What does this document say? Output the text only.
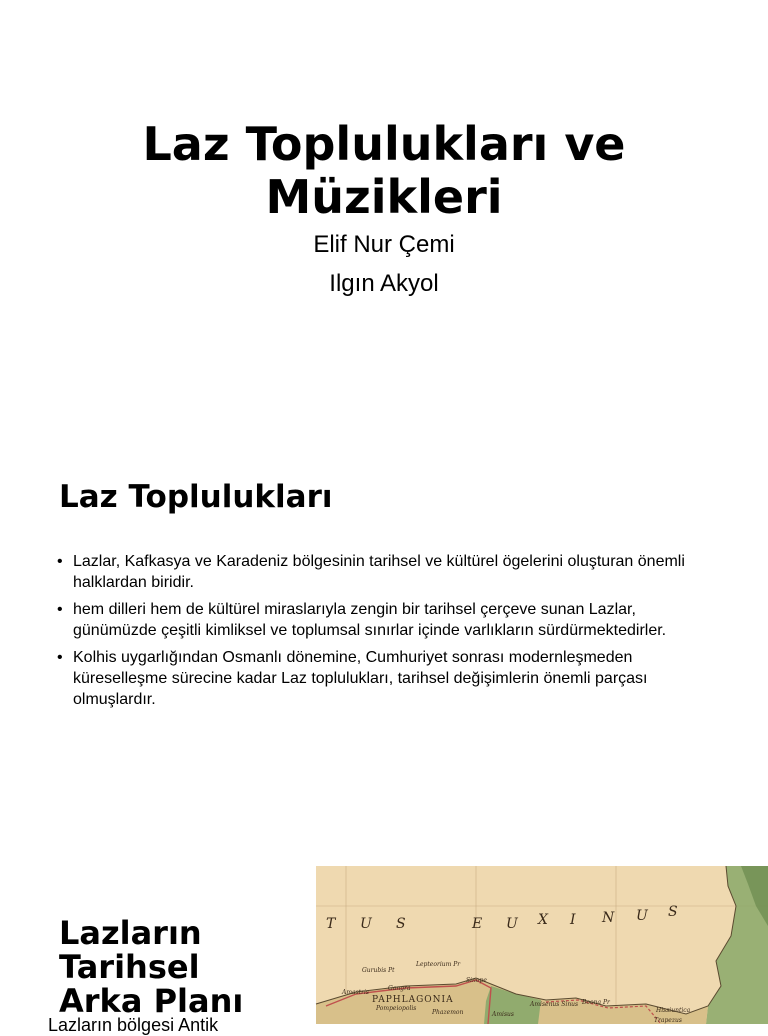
Laz Toplulukları ve Müzikleri
Elif Nur Çemi
Ilgın Akyol
Laz Toplulukları
• Lazlar, Kafkasya ve Karadeniz bölgesinin tarihsel ve kültürel ögelerini oluşturan önemli halklardan biridir.
• hem dilleri hem de kültürel miraslarıyla zengin bir tarihsel çerçeve sunan Lazlar, günümüzde çeşitli kimliksel ve toplumsal sınırlar içinde varlıkların sürdürmektedirler.
• Kolhis uygarlığından Osmanlı dönemine, Cumhuriyet sonrası modernleşmeden küreselleşme sürecine kadar Laz toplulukları, tarihsel değişimlerin önemli parçası olmuşlardır.
Lazların Tarihsel Arka Planı
Lazların bölgesi Antik
T U S	E U X I N U S
Gurubis Pt
Lepteorium Pr
Sinope
Amastris
Gangra
Pompeiopolis
Amisenus Sinus
Amisus
Phazemon
Boona Pr
Hissiuntica
Trapezus
PAPHLAGONIA
